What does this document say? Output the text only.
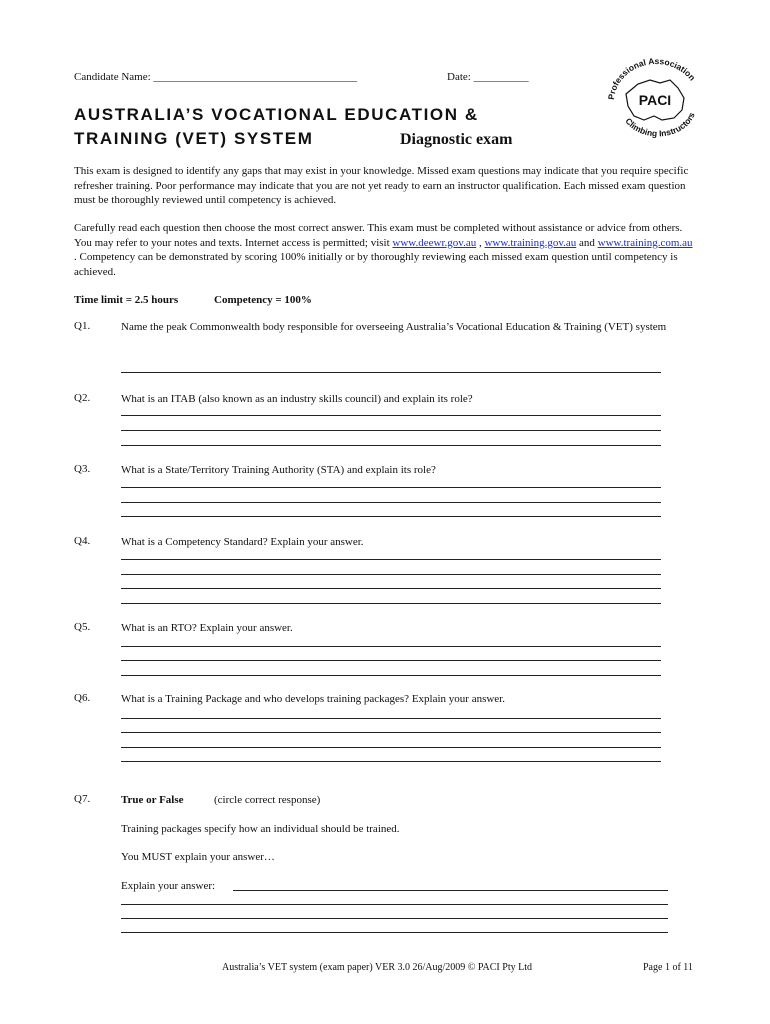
Candidate Name: _____________________________________	Date: __________
Professional Association
Climbing Instructors
PACI
AUSTRALIA’S VOCATIONAL EDUCATION &
TRAINING (VET) SYSTEM	Diagnostic exam
This exam is designed to identify any gaps that may exist in your knowledge. Missed exam questions may indicate that you require specific refresher training. Poor performance may indicate that you are not yet ready to earn an instructor qualification. Each missed exam question must be thoroughly reviewed until competency is achieved.
Carefully read each question then choose the most correct answer. This exam must be completed without assistance or advice from others. You may refer to your notes and texts. Internet access is permitted; visit www.deewr.gov.au , www.training.gov.au and www.training.com.au . Competency can be demonstrated by scoring 100% initially or by thoroughly reviewing each missed exam question until competency is achieved.
Time limit = 2.5 hours	Competency = 100%
Q1.	Name the peak Commonwealth body responsible for overseeing Australia’s Vocational Education & Training (VET) system
Q2.	What is an ITAB (also known as an industry skills council) and explain its role?
Q3.	What is a State/Territory Training Authority (STA) and explain its role?
Q4.	What is a Competency Standard? Explain your answer.
Q5.	What is an RTO? Explain your answer.
Q6.	What is a Training Package and who develops training packages? Explain your answer.
Q7.	True or False	(circle correct response)
Training packages specify how an individual should be trained.
You MUST explain your answer…
Explain your answer:
Australia’s VET system (exam paper) VER 3.0 26/Aug/2009 © PACI Pty Ltd	Page 1 of 11
